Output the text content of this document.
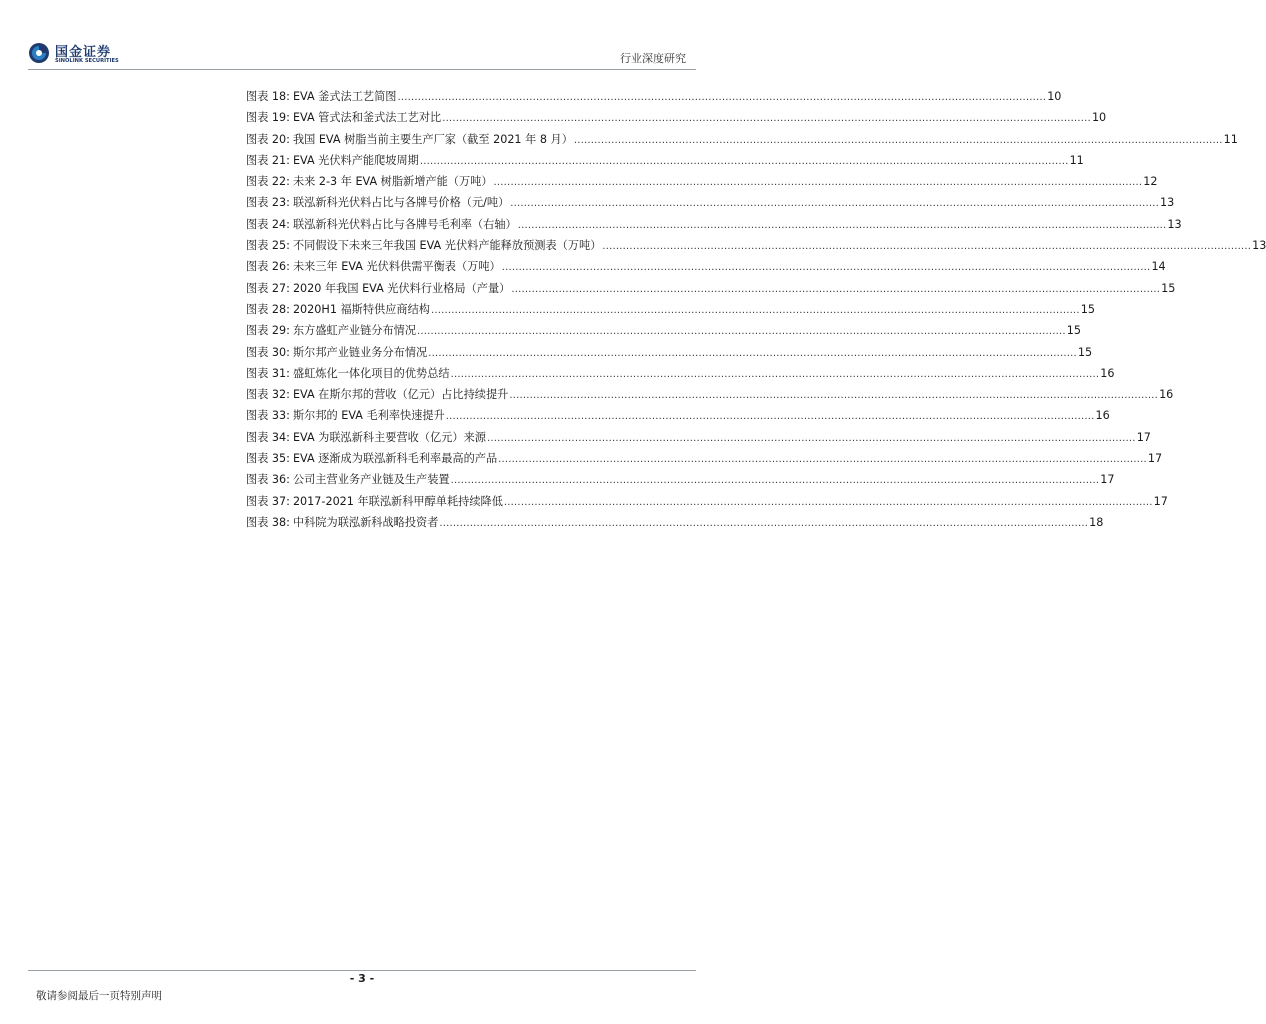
国金证券
SINOLINK SECURITIES	行业深度研究
图表 18: EVA 釜式法工艺简图 .....	10
图表 19: EVA 管式法和釜式法工艺对比 .....	10
图表 20: 我国 EVA 树脂当前主要生产厂家（截至 2021 年 8 月） .....	11
图表 21: EVA 光伏料产能爬坡周期 .....	11
图表 22: 未来 2-3 年 EVA 树脂新增产能（万吨） .....	12
图表 23: 联泓新科光伏料占比与各牌号价格（元/吨） .....	13
图表 24: 联泓新科光伏料占比与各牌号毛利率（右轴） .....	13
图表 25: 不同假设下未来三年我国 EVA 光伏料产能释放预测表（万吨） .....	13
图表 26: 未来三年 EVA 光伏料供需平衡表（万吨） .....	14
图表 27: 2020 年我国 EVA 光伏料行业格局（产量） .....	15
图表 28: 2020H1 福斯特供应商结构 .....	15
图表 29: 东方盛虹产业链分布情况 .....	15
图表 30: 斯尔邦产业链业务分布情况 .....	15
图表 31: 盛虹炼化一体化项目的优势总结 .....	16
图表 32: EVA 在斯尔邦的营收（亿元）占比持续提升 .....	16
图表 33: 斯尔邦的 EVA 毛利率快速提升 .....	16
图表 34: EVA 为联泓新科主要营收（亿元）来源 .....	17
图表 35: EVA 逐渐成为联泓新科毛利率最高的产品 .....	17
图表 36: 公司主营业务产业链及生产装置 .....	17
图表 37: 2017-2021 年联泓新科甲醇单耗持续降低 .....	17
图表 38: 中科院为联泓新科战略投资者 .....	18
- 3 -
敬请参阅最后一页特别声明
